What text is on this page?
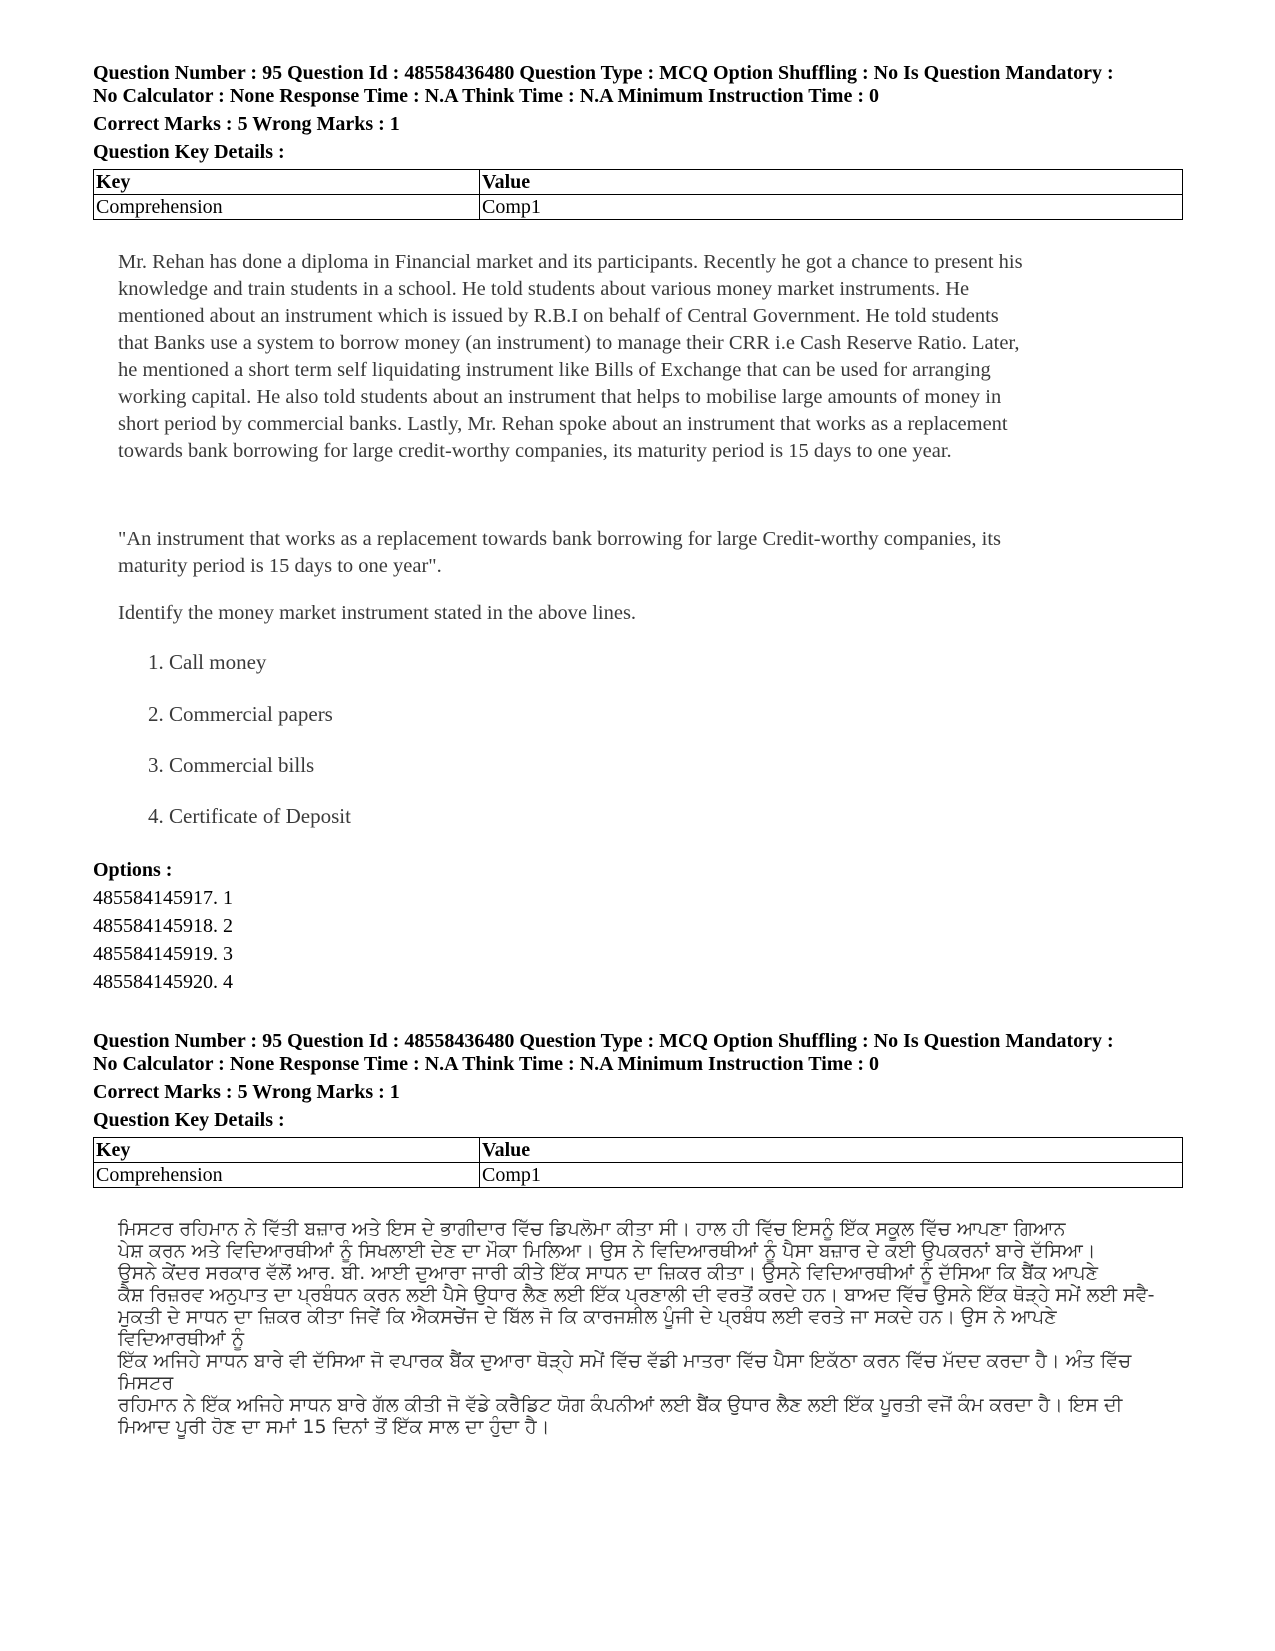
Question Number : 95 Question Id : 48558436480 Question Type : MCQ Option Shuffling : No Is Question Mandatory :
No Calculator : None Response Time : N.A Think Time : N.A Minimum Instruction Time : 0

Correct Marks : 5 Wrong Marks : 1

Question Key Details :

Key	Value
Comprehension	Comp1

Mr. Rehan has done a diploma in Financial market and its participants. Recently he got a chance to present his

knowledge and train students in a school. He told students about various money market instruments. He

mentioned about an instrument which is issued by R.B.I on behalf of Central Government. He told students

that Banks use a system to borrow money (an instrument) to manage their CRR i.e Cash Reserve Ratio. Later,

he mentioned a short term self liquidating instrument like Bills of Exchange that can be used for arranging

working capital. He also told students about an instrument that helps to mobilise large amounts of money in

short period by commercial banks. Lastly, Mr. Rehan spoke about an instrument that works as a replacement

towards bank borrowing for large credit-worthy companies, its maturity period is 15 days to one year.

"An instrument that works as a replacement towards bank borrowing for large Credit-worthy companies, its

maturity period is 15 days to one year".

Identify the money market instrument stated in the above lines.

1. Call money
2. Commercial papers
3. Commercial bills
4. Certificate of Deposit
Options :
485584145917. 1
485584145918. 2
485584145919. 3
485584145920. 4

Question Number : 95 Question Id : 48558436480 Question Type : MCQ Option Shuffling : No Is Question Mandatory :
No Calculator : None Response Time : N.A Think Time : N.A Minimum Instruction Time : 0

Correct Marks : 5 Wrong Marks : 1

Question Key Details :

Key	Value
Comprehension	Comp1
ਮਿਸਟਰ ਰਹਿਮਾਨ ਨੇ ਵਿੱਤੀ ਬਜ਼ਾਰ ਅਤੇ ਇਸ ਦੇ ਭਾਗੀਦਾਰ ਵਿੱਚ ਡਿਪਲੋਮਾ ਕੀਤਾ ਸੀ। ਹਾਲ ਹੀ ਵਿੱਚ ਇਸਨੂੰ ਇੱਕ ਸਕੂਲ ਵਿੱਚ ਆਪਣਾ ਗਿਆਨ
ਪੇਸ਼ ਕਰਨ ਅਤੇ ਵਿਦਿਆਰਥੀਆਂ ਨੂੰ ਸਿਖਲਾਈ ਦੇਣ ਦਾ ਮੌਕਾ ਮਿਲਿਆ। ਉਸ ਨੇ ਵਿਦਿਆਰਥੀਆਂ ਨੂੰ ਪੈਸਾ ਬਜ਼ਾਰ ਦੇ ਕਈ ਉਪਕਰਨਾਂ ਬਾਰੇ ਦੱਸਿਆ।
ਉਸਨੇ ਕੇਂਦਰ ਸਰਕਾਰ ਵੱਲੋਂ ਆਰ. ਬੀ. ਆਈ ਦੁਆਰਾ ਜਾਰੀ ਕੀਤੇ ਇੱਕ ਸਾਧਨ ਦਾ ਜ਼ਿਕਰ ਕੀਤਾ। ਉਸਨੇ ਵਿਦਿਆਰਥੀਆਂ ਨੂੰ ਦੱਸਿਆ ਕਿ ਬੈਂਕ ਆਪਣੇ
ਕੈਸ਼ ਰਿਜ਼ਰਵ ਅਨੁਪਾਤ ਦਾ ਪ੍ਰਬੰਧਨ ਕਰਨ ਲਈ ਪੈਸੇ ਉਧਾਰ ਲੈਣ ਲਈ ਇੱਕ ਪ੍ਰਣਾਲੀ ਦੀ ਵਰਤੋਂ ਕਰਦੇ ਹਨ। ਬਾਅਦ ਵਿੱਚ ਉਸਨੇ ਇੱਕ ਥੋੜ੍ਹੇ ਸਮੇਂ ਲਈ ਸਵੈ-
ਮੁਕਤੀ ਦੇ ਸਾਧਨ ਦਾ ਜ਼ਿਕਰ ਕੀਤਾ ਜਿਵੇਂ ਕਿ ਐਕਸਚੇਂਜ ਦੇ ਬਿੱਲ ਜੋ ਕਿ ਕਾਰਜਸ਼ੀਲ ਪੂੰਜੀ ਦੇ ਪ੍ਰਬੰਧ ਲਈ ਵਰਤੇ ਜਾ ਸਕਦੇ ਹਨ। ਉਸ ਨੇ ਆਪਣੇ ਵਿਦਿਆਰਥੀਆਂ ਨੂੰ
ਇੱਕ ਅਜਿਹੇ ਸਾਧਨ ਬਾਰੇ ਵੀ ਦੱਸਿਆ ਜੋ ਵਪਾਰਕ ਬੈਂਕ ਦੁਆਰਾ ਥੋੜ੍ਹੇ ਸਮੇਂ ਵਿੱਚ ਵੱਡੀ ਮਾਤਰਾ ਵਿੱਚ ਪੈਸਾ ਇਕੱਠਾ ਕਰਨ ਵਿੱਚ ਮੱਦਦ ਕਰਦਾ ਹੈ। ਅੰਤ ਵਿੱਚ ਮਿਸਟਰ
ਰਹਿਮਾਨ ਨੇ ਇੱਕ ਅਜਿਹੇ ਸਾਧਨ ਬਾਰੇ ਗੱਲ ਕੀਤੀ ਜੋ ਵੱਡੇ ਕਰੈਡਿਟ ਯੋਗ ਕੰਪਨੀਆਂ ਲਈ ਬੈਂਕ ਉਧਾਰ ਲੈਣ ਲਈ ਇੱਕ ਪੂਰਤੀ ਵਜੋਂ ਕੰਮ ਕਰਦਾ ਹੈ। ਇਸ ਦੀ
ਮਿਆਦ ਪੂਰੀ ਹੋਣ ਦਾ ਸਮਾਂ 15 ਦਿਨਾਂ ਤੋਂ ਇੱਕ ਸਾਲ ਦਾ ਹੁੰਦਾ ਹੈ।
